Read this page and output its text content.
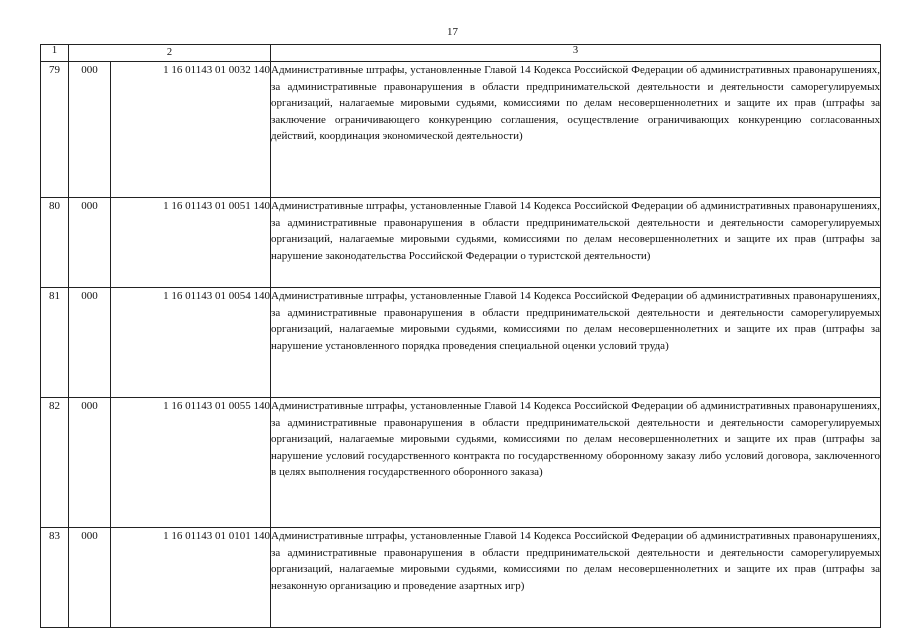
17
1	2		3
79	000	1 16 01143 01 0032 140	Административные штрафы, установленные Главой 14 Кодекса Российской Федерации об административных правонарушениях, за административные правонарушения в области предпринимательской деятельности и деятельности саморегулируемых организаций, налагаемые мировыми судьями, комиссиями по делам несовершеннолетних и защите их прав (штрафы за заключение ограничивающего конкуренцию соглашения, осуществление ограничивающих конкуренцию согласованных действий, координация экономической деятельности)
80	000	1 16 01143 01 0051 140	Административные штрафы, установленные Главой 14 Кодекса Российской Федерации об административных правонарушениях, за административные правонарушения в области предпринимательской деятельности и деятельности саморегулируемых организаций, налагаемые мировыми судьями, комиссиями по делам несовершеннолетних и защите их прав (штрафы за нарушение законодательства Российской Федерации о туристской деятельности)
81	000	1 16 01143 01 0054 140	Административные штрафы, установленные Главой 14 Кодекса Российской Федерации об административных правонарушениях, за административные правонарушения в области предпринимательской деятельности и деятельности саморегулируемых организаций, налагаемые мировыми судьями, комиссиями по делам несовершеннолетних и защите их прав (штрафы за нарушение установленного порядка проведения специальной оценки условий труда)
82	000	1 16 01143 01 0055 140	Административные штрафы, установленные Главой 14 Кодекса Российской Федерации об административных правонарушениях, за административные правонарушения в области предпринимательской деятельности и деятельности саморегулируемых организаций, налагаемые мировыми судьями, комиссиями по делам несовершеннолетних и защите их прав (штрафы за нарушение условий государственного контракта по государственному оборонному заказу либо условий договора, заключенного в целях выполнения государственного оборонного заказа)
83	000	1 16 01143 01 0101 140	Административные штрафы, установленные Главой 14 Кодекса Российской Федерации об административных правонарушениях, за административные правонарушения в области предпринимательской деятельности и деятельности саморегулируемых организаций, налагаемые мировыми судьями, комиссиями по делам несовершеннолетних и защите их прав (штрафы за незаконную организацию и проведение азартных игр)
